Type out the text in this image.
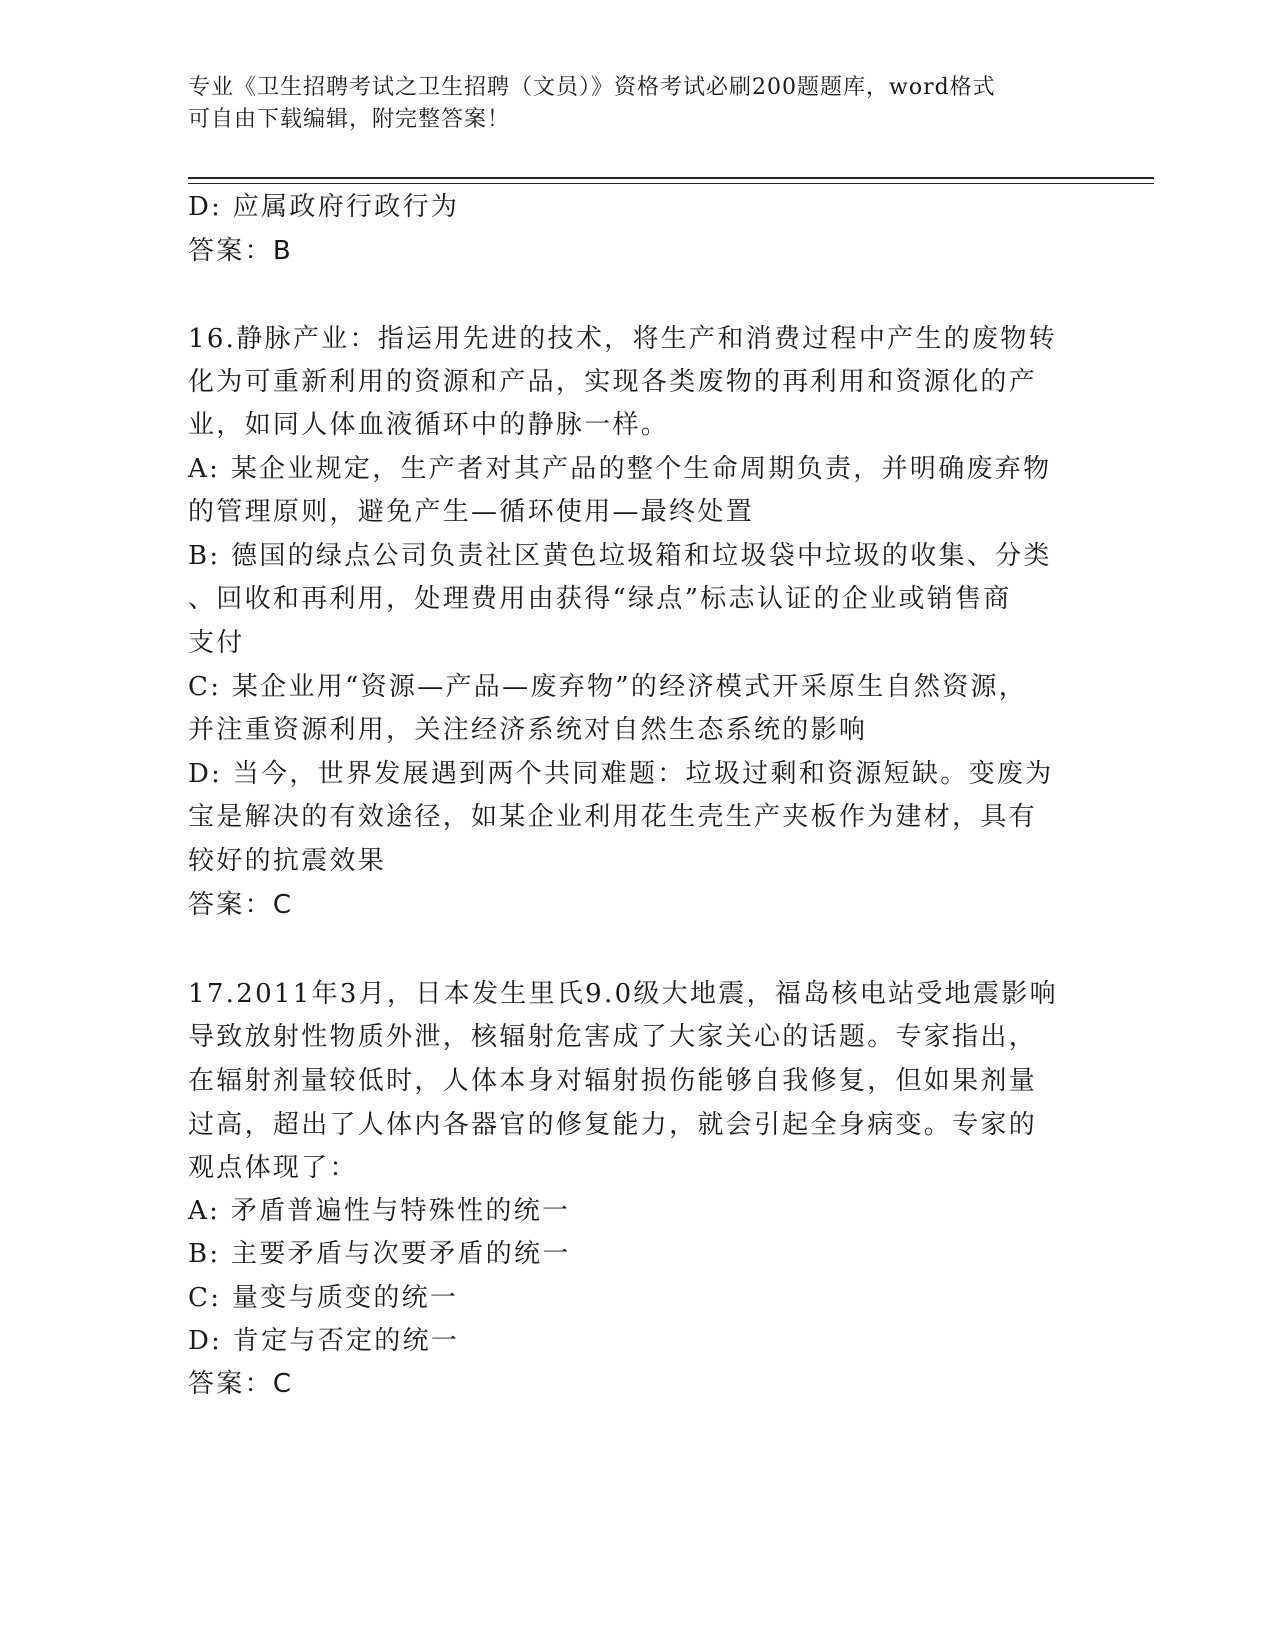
专业《卫生招聘考试之卫生招聘（文员）》资格考试必刷200题题库，word格式
可自由下载编辑，附完整答案！
D: 应属政府行政行为
答案：B
16.静脉产业：指运用先进的技术，将生产和消费过程中产生的废物转
化为可重新利用的资源和产品，实现各类废物的再利用和资源化的产
业，如同人体血液循环中的静脉一样。
A: 某企业规定，生产者对其产品的整个生命周期负责，并明确废弃物
的管理原则，避免产生—循环使用—最终处置
B: 德国的绿点公司负责社区黄色垃圾箱和垃圾袋中垃圾的收集、分类
、回收和再利用，处理费用由获得“绿点”标志认证的企业或销售商
支付
C: 某企业用“资源—产品—废弃物”的经济模式开采原生自然资源，
并注重资源利用，关注经济系统对自然生态系统的影响
D: 当今，世界发展遇到两个共同难题：垃圾过剩和资源短缺。变废为
宝是解决的有效途径，如某企业利用花生壳生产夹板作为建材，具有
较好的抗震效果
答案：C
17.2011年3月，日本发生里氏9.0级大地震，福岛核电站受地震影响
导致放射性物质外泄，核辐射危害成了大家关心的话题。专家指出，
在辐射剂量较低时，人体本身对辐射损伤能够自我修复，但如果剂量
过高，超出了人体内各器官的修复能力，就会引起全身病变。专家的
观点体现了：
A: 矛盾普遍性与特殊性的统一
B: 主要矛盾与次要矛盾的统一
C: 量变与质变的统一
D: 肯定与否定的统一
答案：C
